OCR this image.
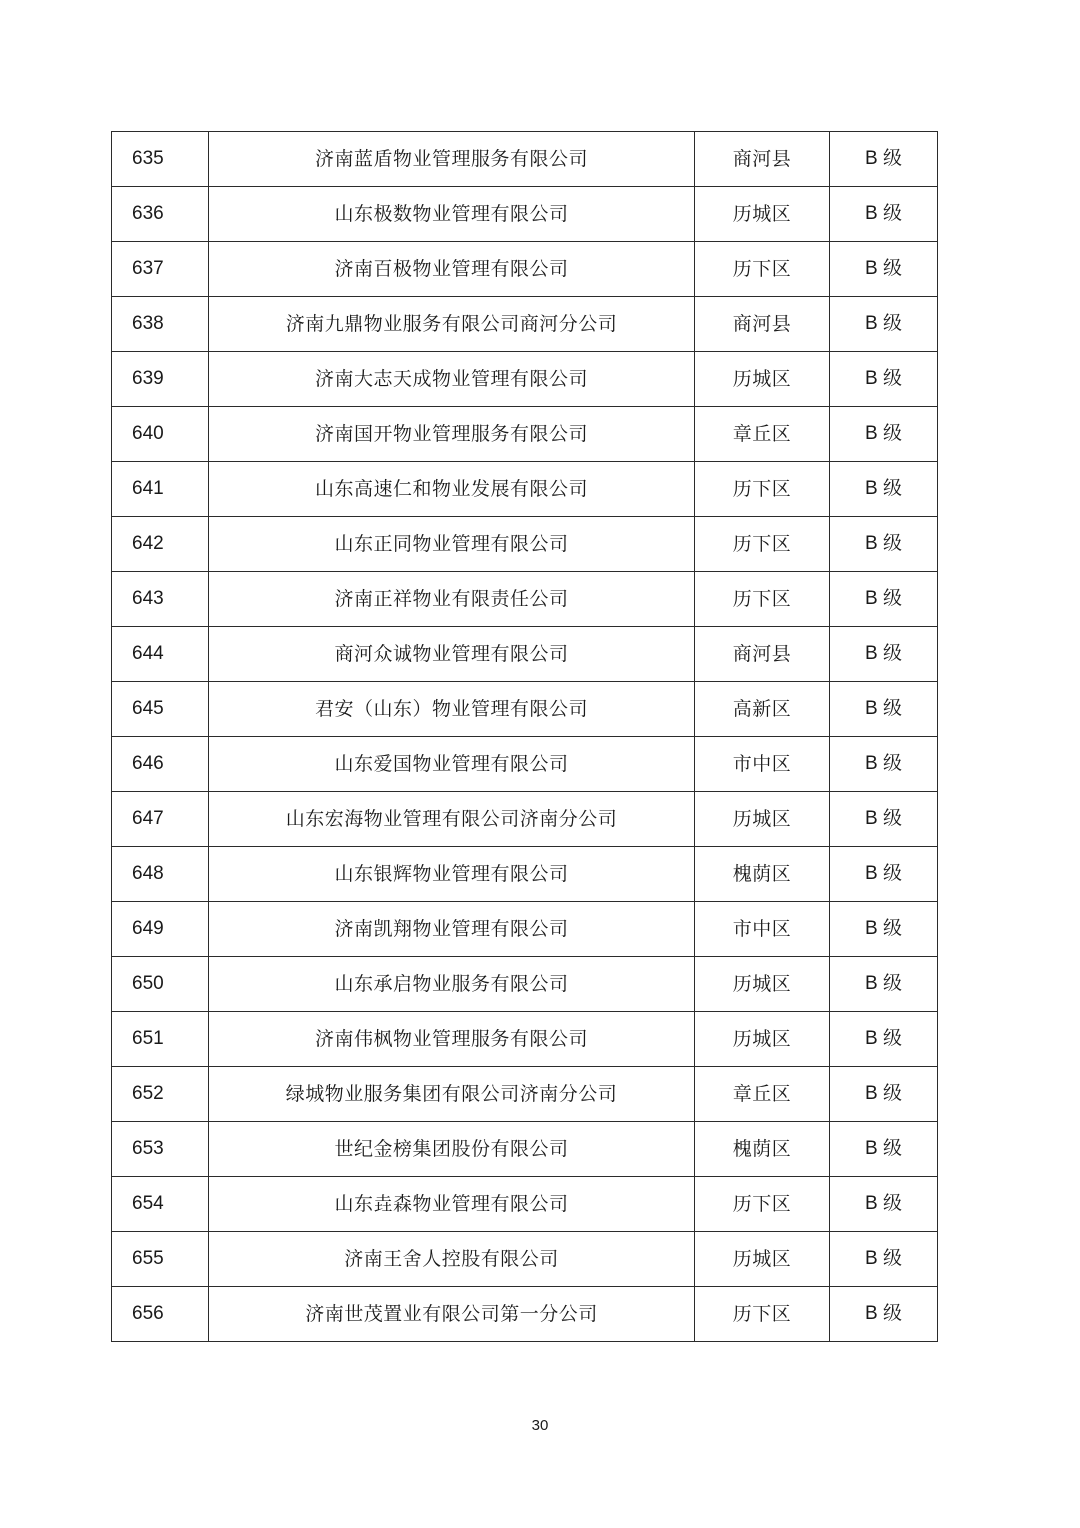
635	济南蓝盾物业管理服务有限公司	商河县	B 级
636	山东极数物业管理有限公司	历城区	B 级
637	济南百极物业管理有限公司	历下区	B 级
638	济南九鼎物业服务有限公司商河分公司	商河县	B 级
639	济南大志天成物业管理有限公司	历城区	B 级
640	济南国开物业管理服务有限公司	章丘区	B 级
641	山东高速仁和物业发展有限公司	历下区	B 级
642	山东正同物业管理有限公司	历下区	B 级
643	济南正祥物业有限责任公司	历下区	B 级
644	商河众诚物业管理有限公司	商河县	B 级
645	君安（山东）物业管理有限公司	高新区	B 级
646	山东爱国物业管理有限公司	市中区	B 级
647	山东宏海物业管理有限公司济南分公司	历城区	B 级
648	山东银辉物业管理有限公司	槐荫区	B 级
649	济南凯翔物业管理有限公司	市中区	B 级
650	山东承启物业服务有限公司	历城区	B 级
651	济南伟枫物业管理服务有限公司	历城区	B 级
652	绿城物业服务集团有限公司济南分公司	章丘区	B 级
653	世纪金榜集团股份有限公司	槐荫区	B 级
654	山东垚森物业管理有限公司	历下区	B 级
655	济南王舍人控股有限公司	历城区	B 级
656	济南世茂置业有限公司第一分公司	历下区	B 级
30
